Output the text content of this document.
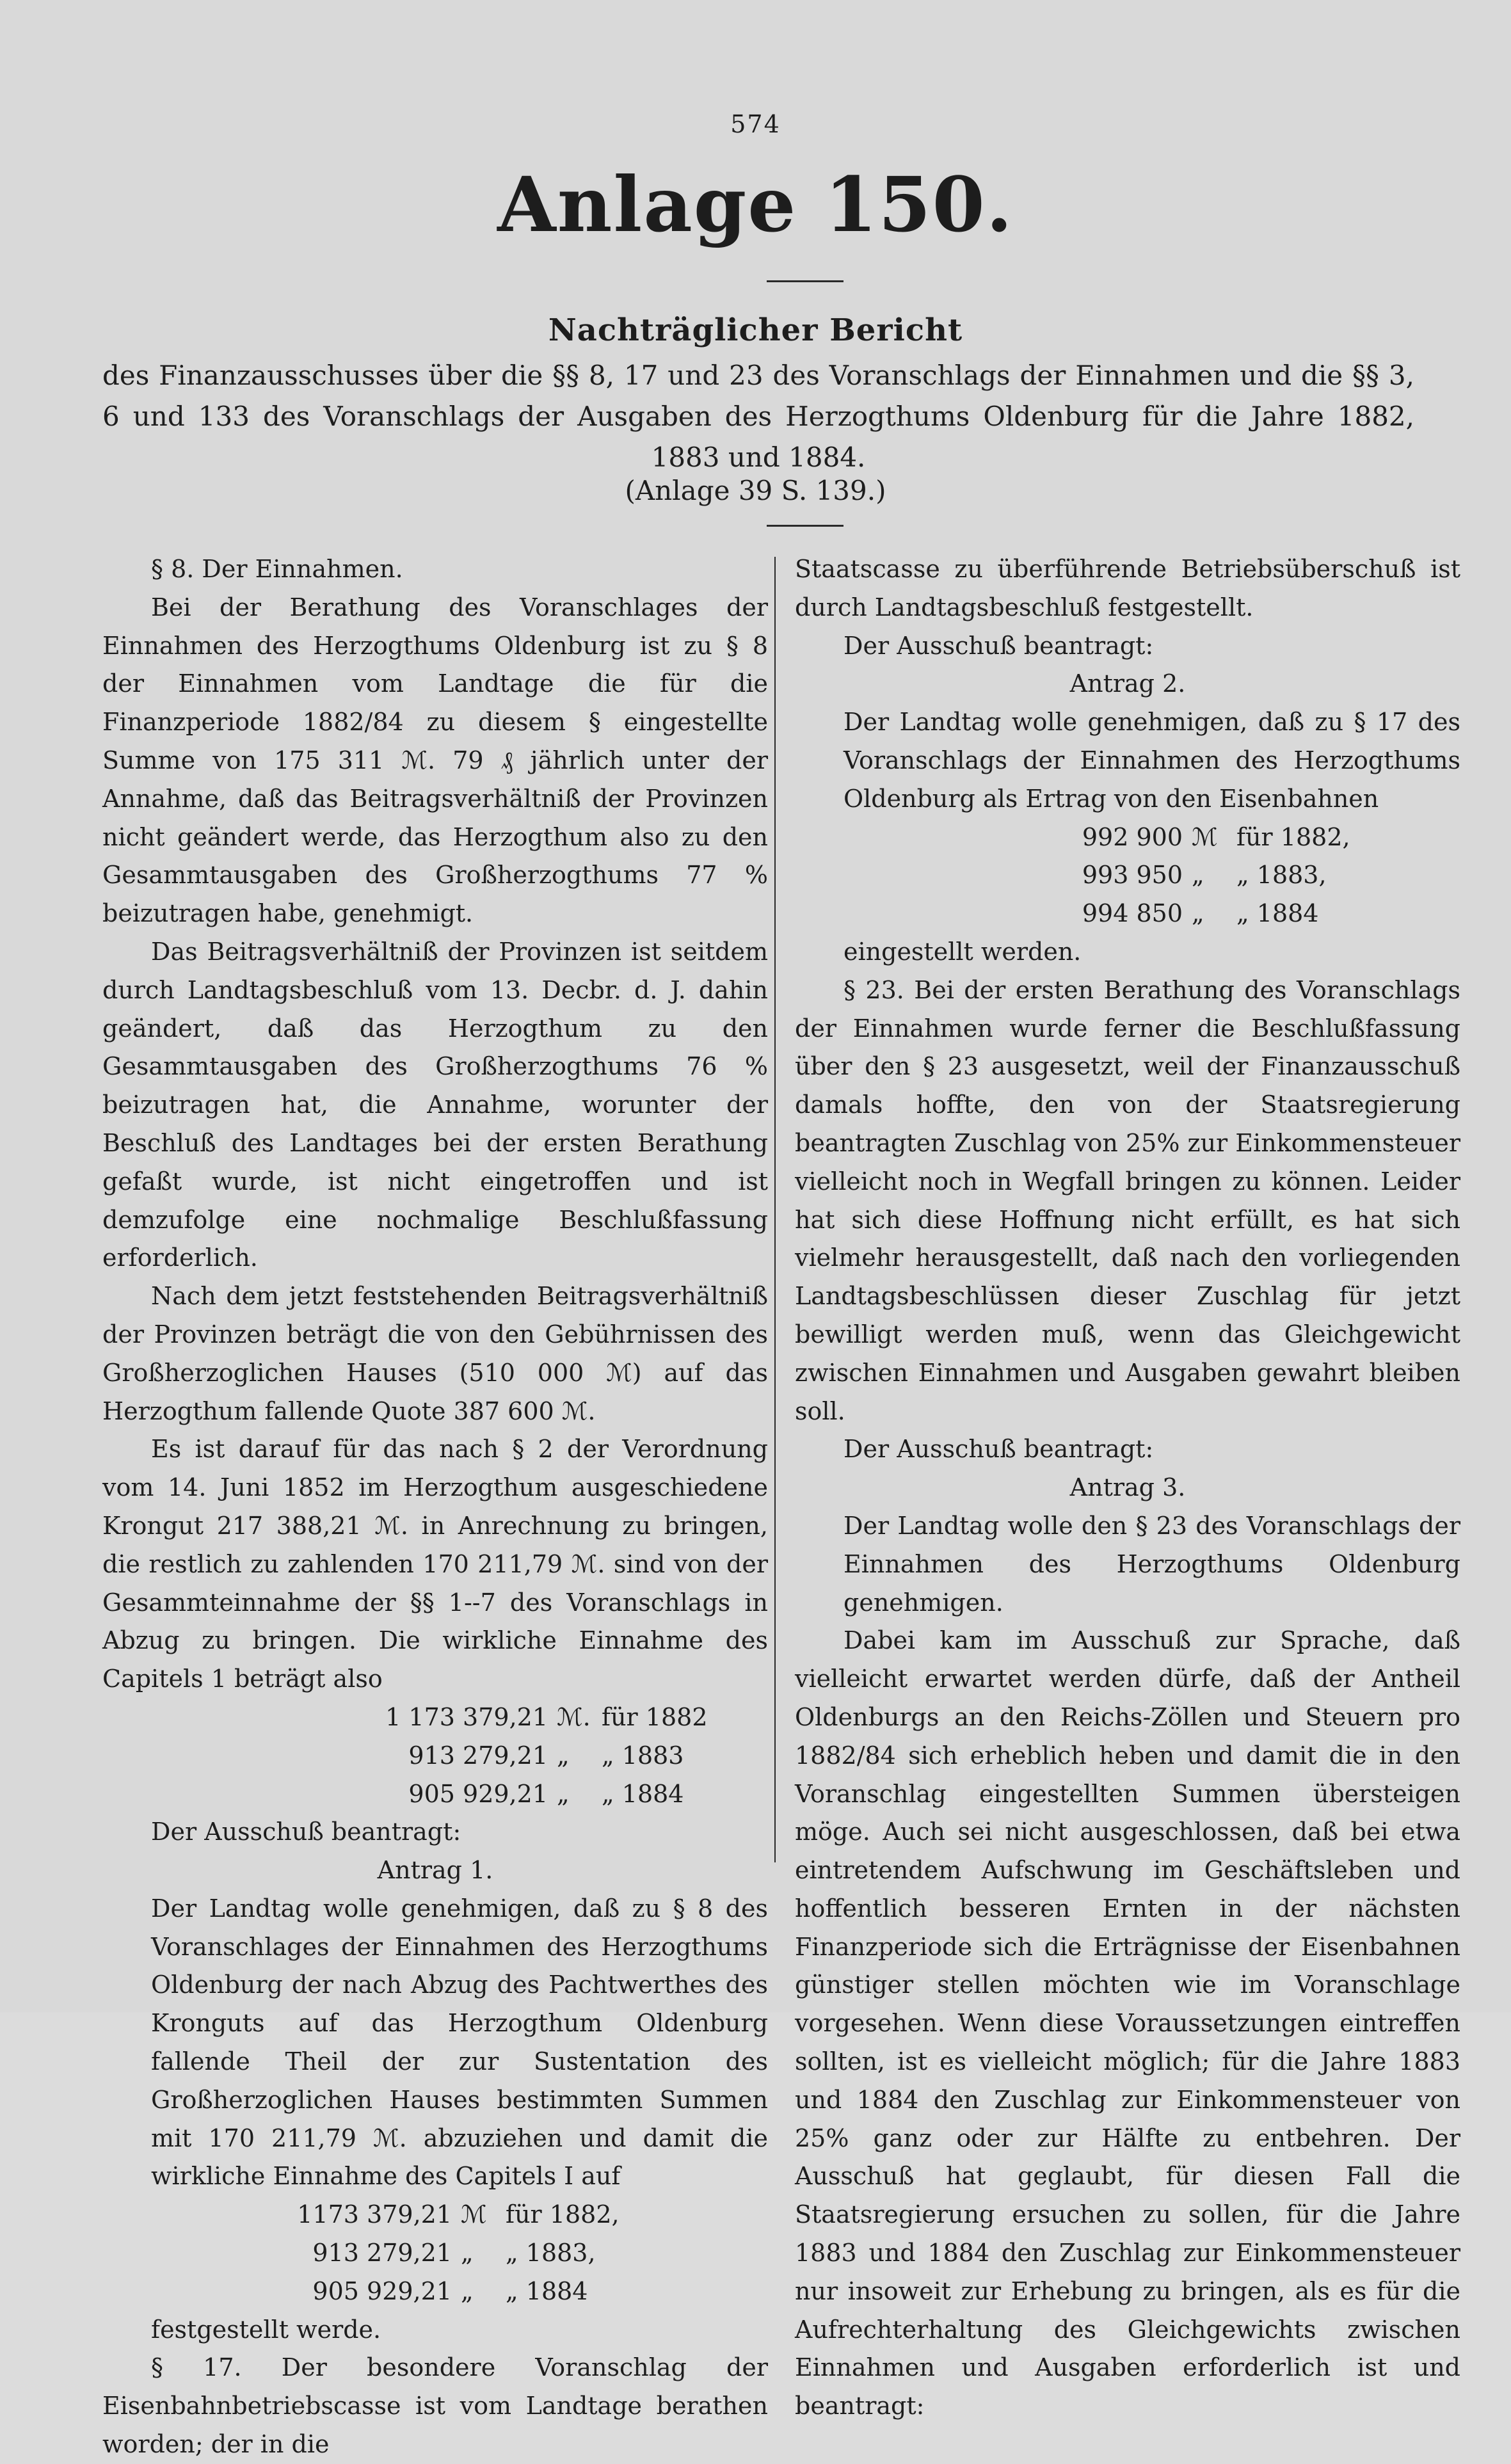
574
Anlage 150.
Nachträglicher Bericht
des Finanzausschusses über die §§ 8, 17 und 23 des Voranschlags der Einnahmen und die §§ 3, 6 und 133 des Voranschlags der Ausgaben des Herzogthums Oldenburg für die Jahre 1882, 1883 und 1884.
(Anlage 39 S. 139.)

§ 8. Der Einnahmen.

Bei der Berathung des Voranschlages der Einnahmen des Herzogthums Oldenburg ist zu § 8 der Einnahmen vom Landtage die für die Finanzperiode 1882/84 zu diesem § eingestellte Summe von 175 311 ℳ. 79 ₰ jährlich unter der Annahme, daß das Beitragsverhältniß der Provinzen nicht geändert werde, das Herzogthum also zu den Gesammtausgaben des Großherzogthums 77 % beizutragen habe, genehmigt.

Das Beitragsverhältniß der Provinzen ist seitdem durch Landtagsbeschluß vom 13. Decbr. d. J. dahin geändert, daß das Herzogthum zu den Gesammtausgaben des Großherzogthums 76 % beizutragen hat, die Annahme, worunter der Beschluß des Landtages bei der ersten Berathung gefaßt wurde, ist nicht eingetroffen und ist demzufolge eine nochmalige Beschlußfassung erforderlich.

Nach dem jetzt feststehenden Beitragsverhältniß der Provinzen beträgt die von den Gebührnissen des Großherzoglichen Hauses (510 000 ℳ) auf das Herzogthum fallende Quote 387 600 ℳ.

Es ist darauf für das nach § 2 der Verordnung vom 14. Juni 1852 im Herzogthum ausgeschiedene Krongut 217 388,21 ℳ. in Anrechnung zu bringen, die restlich zu zahlenden 170 211,79 ℳ. sind von der Gesammteinnahme der §§ 1--7 des Voranschlags in Abzug zu bringen. Die wirkliche Einnahme des Capitels 1 beträgt also

1 173 379,21 ℳ. für 1882
913 279,21 „	„ 1883
905 929,21 „	„ 1884

Der Ausschuß beantragt:

Antrag 1.

Der Landtag wolle genehmigen, daß zu § 8 des Voranschlages der Einnahmen des Herzogthums Oldenburg der nach Abzug des Pachtwerthes des Kronguts auf das Herzogthum Oldenburg fallende Theil der zur Sustentation des Großherzoglichen Hauses bestimmten Summen mit 170 211,79 ℳ. abzuziehen und damit die wirkliche Einnahme des Capitels I auf

1173 379,21 ℳ für 1882,
913 279,21 „	„ 1883,
905 929,21 „	„ 1884

festgestellt werde.

§ 17. Der besondere Voranschlag der Eisenbahnbetriebscasse ist vom Landtage berathen worden; der in die

Staatscasse zu überführende Betriebsüberschuß ist durch Landtagsbeschluß festgestellt.

Der Ausschuß beantragt:

Antrag 2.

Der Landtag wolle genehmigen, daß zu § 17 des Voranschlags der Einnahmen des Herzogthums Oldenburg als Ertrag von den Eisenbahnen

992 900 ℳ für 1882,
993 950 „	„ 1883,
994 850 „	„ 1884

eingestellt werden.

§ 23. Bei der ersten Berathung des Voranschlags der Einnahmen wurde ferner die Beschlußfassung über den § 23 ausgesetzt, weil der Finanzausschuß damals hoffte, den von der Staatsregierung beantragten Zuschlag von 25% zur Einkommensteuer vielleicht noch in Wegfall bringen zu können. Leider hat sich diese Hoffnung nicht erfüllt, es hat sich vielmehr herausgestellt, daß nach den vorliegenden Landtagsbeschlüssen dieser Zuschlag für jetzt bewilligt werden muß, wenn das Gleichgewicht zwischen Einnahmen und Ausgaben gewahrt bleiben soll.

Der Ausschuß beantragt:

Antrag 3.

Der Landtag wolle den § 23 des Voranschlags der Einnahmen des Herzogthums Oldenburg genehmigen.

Dabei kam im Ausschuß zur Sprache, daß vielleicht erwartet werden dürfe, daß der Antheil Oldenburgs an den Reichs-Zöllen und Steuern pro 1882/84 sich erheblich heben und damit die in den Voranschlag eingestellten Summen übersteigen möge. Auch sei nicht ausgeschlossen, daß bei etwa eintretendem Aufschwung im Geschäftsleben und hoffentlich besseren Ernten in der nächsten Finanzperiode sich die Erträgnisse der Eisenbahnen günstiger stellen möchten wie im Voranschlage vorgesehen. Wenn diese Voraussetzungen eintreffen sollten, ist es vielleicht möglich; für die Jahre 1883 und 1884 den Zuschlag zur Einkommensteuer von 25% ganz oder zur Hälfte zu entbehren. Der Ausschuß hat geglaubt, für diesen Fall die Staatsregierung ersuchen zu sollen, für die Jahre 1883 und 1884 den Zuschlag zur Einkommensteuer nur insoweit zur Erhebung zu bringen, als es für die Aufrechterhaltung des Gleichgewichts zwischen Einnahmen und Ausgaben erforderlich ist und beantragt:
